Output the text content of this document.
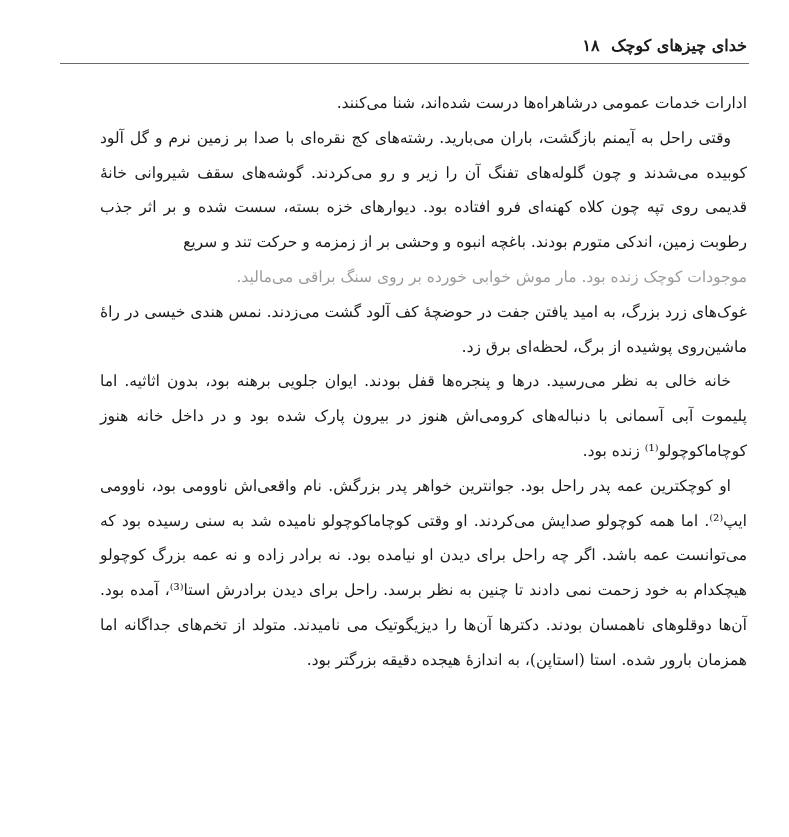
خدای چیزهای کوچک ۱۸

ادارات خدمات عمومی درشاهراه‌ها درست شده‌اند، شنا می‌کنند.

وقتی راحل به آیمنم بازگشت، باران می‌بارید. رشته‌های کج نقره‌ای با صدا بر زمین نرم و گل آلود کوبیده می‌شدند و چون گلوله‌های تفنگ آن را زیر و رو می‌کردند. گوشه‌های سقف شیروانی خانهٔ قدیمی روی تپه چون کلاه کهنه‌ای فرو افتاده بود. دیوارهای خزه بسته، سست شده و بر اثر جذب رطوبت زمین، اندکی متورم بودند. باغچه انبوه و وحشی بر از زمزمه و حرکت تند و سریع

موجودات کوچک زنده بود. مار موش خوابی خورده بر روی سنگ براقی می‌مالید.

غوک‌های زرد بزرگ، به امید یافتن جفت در حوضچهٔ کف آلود گشت می‌زدند. نمس هندی خیسی در راهٔ ماشین‌روی پوشیده از برگ، لحظه‌ای برق زد.

خانه خالی به نظر می‌رسید. درها و پنجره‌ها قفل بودند. ایوان جلویی برهنه بود، بدون اثاثیه. اما پلیموت آبی آسمانی با دنباله‌های کرومی‌اش هنوز در بیرون پارک شده بود و در داخل خانه هنوز کوچاماکوچولو⁽¹⁾ زنده بود.

او کوچکترین عمه پدر راحل بود. جوانترین خواهر پدر بزرگش. نام واقعی‌اش ناوومی بود، ناوومی ایپ⁽²⁾. اما همه کوچولو صدایش می‌کردند. او وقتی کوچاماکوچولو نامیده شد به سنی رسیده بود که می‌توانست عمه باشد. اگر چه راحل برای دیدن او نیامده بود. نه برادر زاده و نه عمه بزرگ کوچولو هیچکدام به خود زحمت نمی دادند تا چنین به نظر برسد. راحل برای دیدن برادرش استا⁽³⁾، آمده بود. آن‌ها دوقلوهای ناهمسان بودند. دکترها آن‌ها را دیزیگوتیک می نامیدند. متولد از تخم‌های جداگانه اما همزمان بارور شده. استا (استاپن)، به اندازهٔ هیجده دقیقه بزرگتر بود.
